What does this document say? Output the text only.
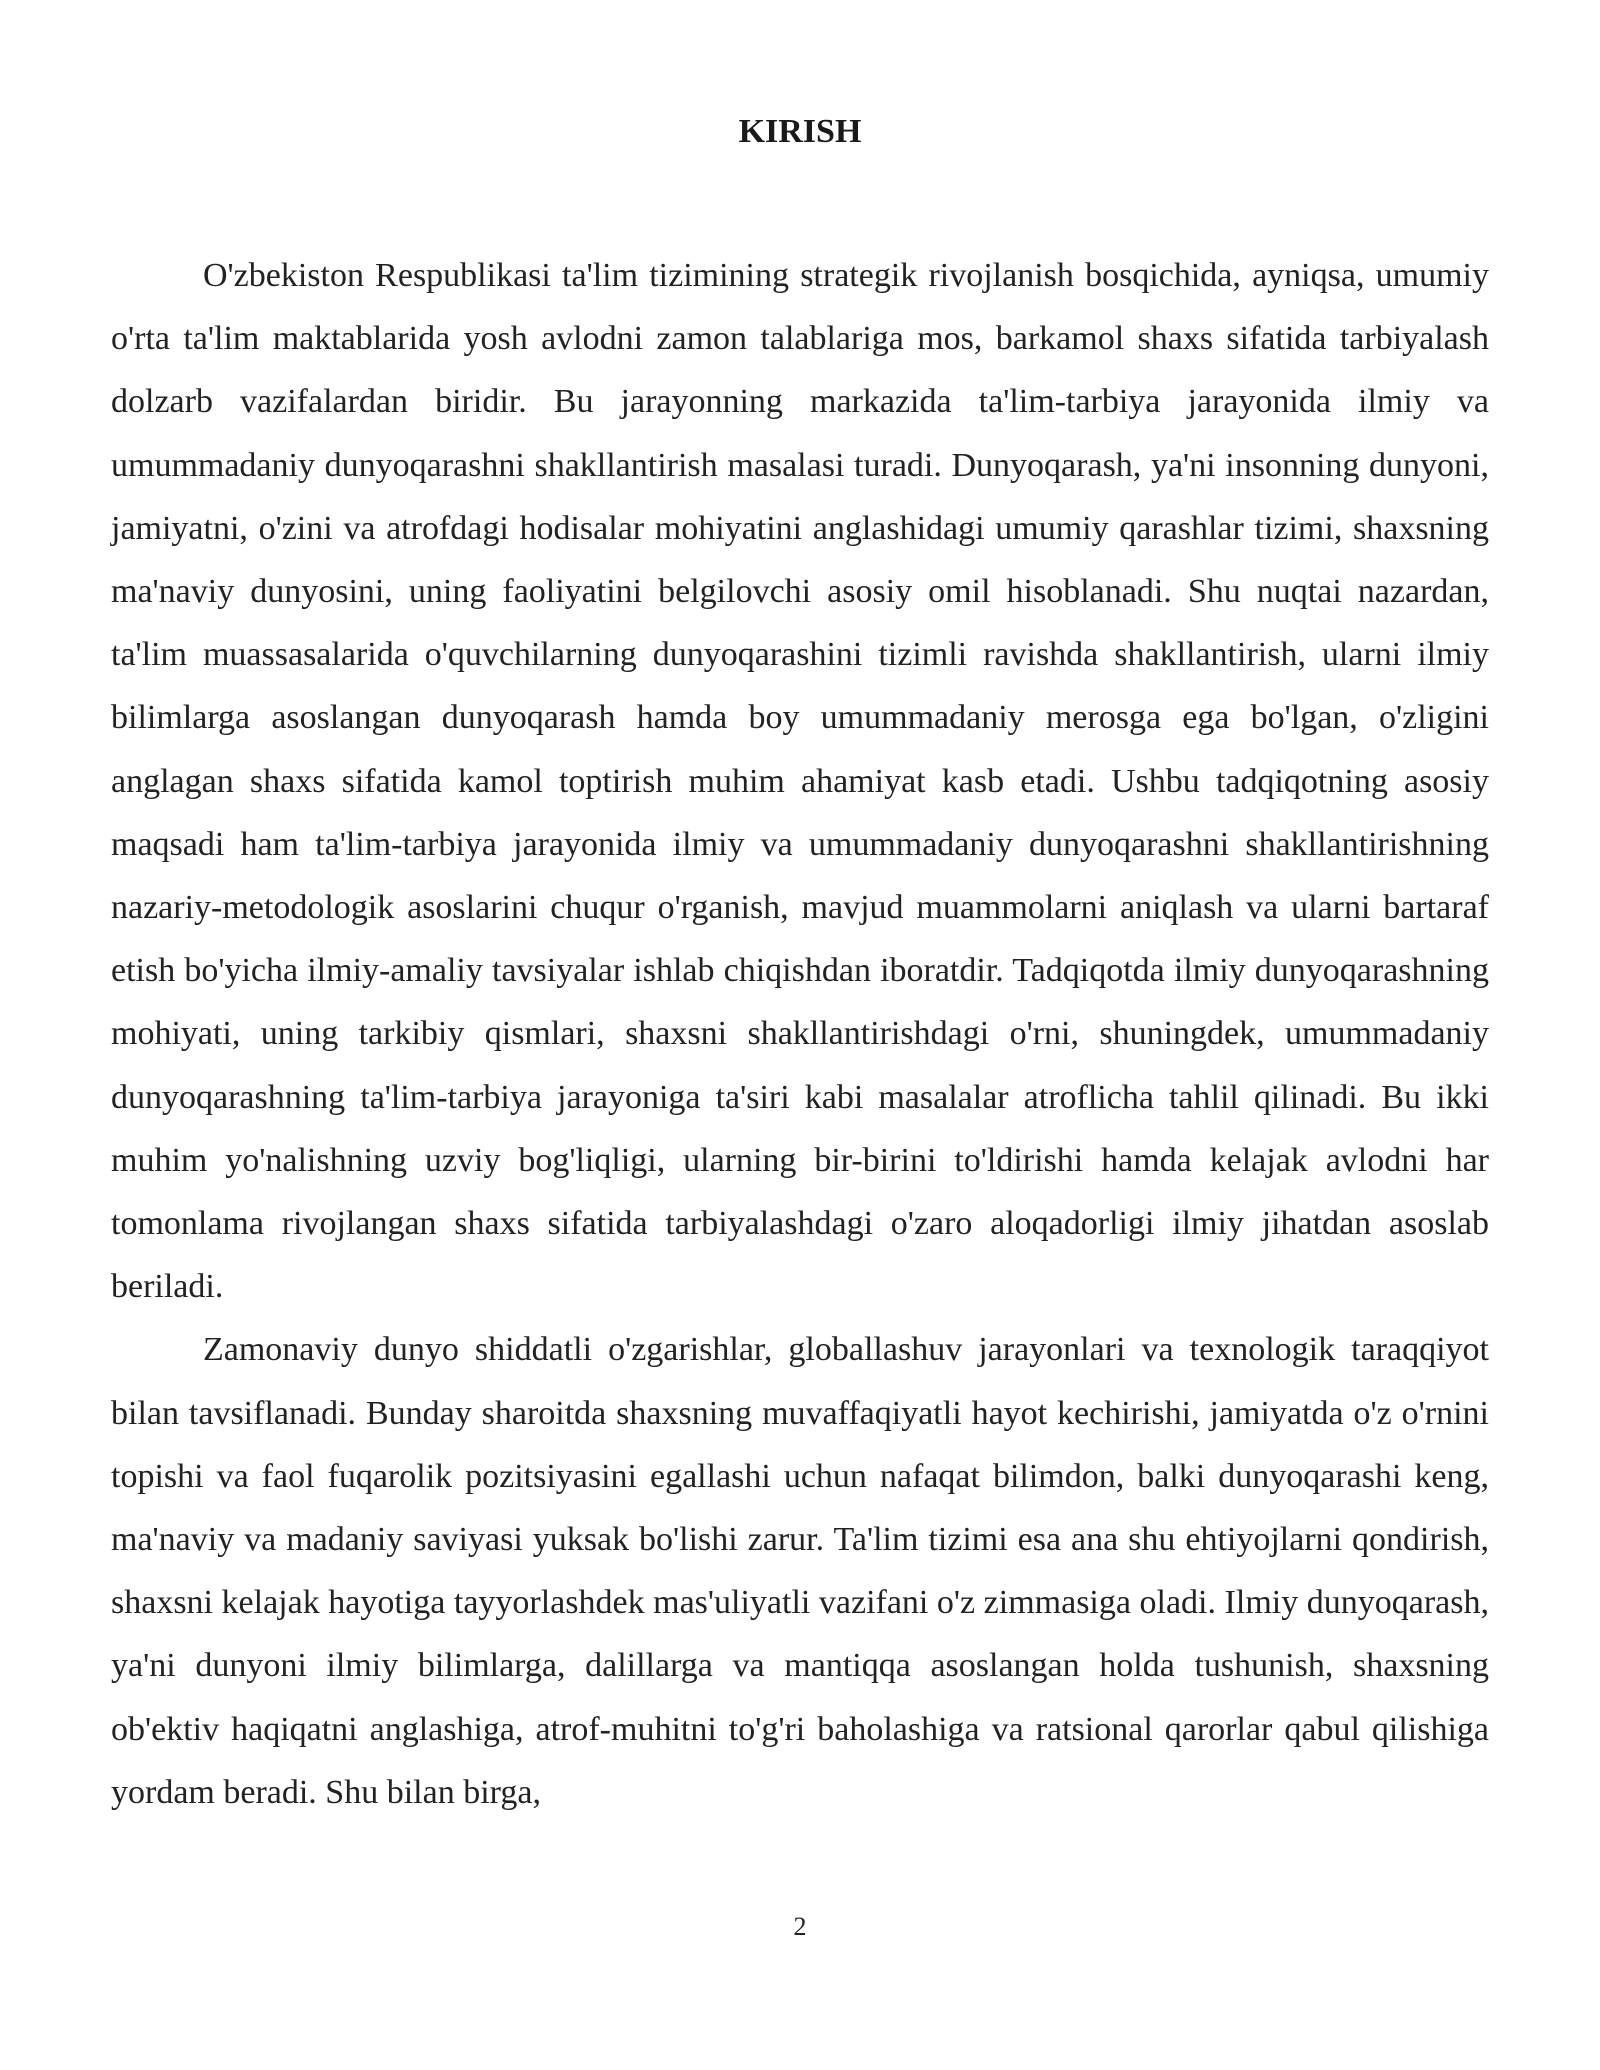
KIRISH

O'zbekiston Respublikasi ta'lim tizimining strategik rivojlanish bosqichida, ayniqsa, umumiy o'rta ta'lim maktablarida yosh avlodni zamon talablariga mos, barkamol shaxs sifatida tarbiyalash dolzarb vazifalardan biridir. Bu jarayonning markazida ta'lim-tarbiya jarayonida ilmiy va umummadaniy dunyoqarashni shakllantirish masalasi turadi. Dunyoqarash, ya'ni insonning dunyoni, jamiyatni, o'zini va atrofdagi hodisalar mohiyatini anglashidagi umumiy qarashlar tizimi, shaxsning ma'naviy dunyosini, uning faoliyatini belgilovchi asosiy omil hisoblanadi. Shu nuqtai nazardan, ta'lim muassasalarida o'quvchilarning dunyoqarashini tizimli ravishda shakllantirish, ularni ilmiy bilimlarga asoslangan dunyoqarash hamda boy umummadaniy merosga ega bo'lgan, o'zligini anglagan shaxs sifatida kamol toptirish muhim ahamiyat kasb etadi. Ushbu tadqiqotning asosiy maqsadi ham ta'lim-tarbiya jarayonida ilmiy va umummadaniy dunyoqarashni shakllantirishning nazariy-metodologik asoslarini chuqur o'rganish, mavjud muammolarni aniqlash va ularni bartaraf etish bo'yicha ilmiy-amaliy tavsiyalar ishlab chiqishdan iboratdir. Tadqiqotda ilmiy dunyoqarashning mohiyati, uning tarkibiy qismlari, shaxsni shakllantirishdagi o'rni, shuningdek, umummadaniy dunyoqarashning ta'lim-tarbiya jarayoniga ta'siri kabi masalalar atroflicha tahlil qilinadi. Bu ikki muhim yo'nalishning uzviy bog'liqligi, ularning bir-birini to'ldirishi hamda kelajak avlodni har tomonlama rivojlangan shaxs sifatida tarbiyalashdagi o'zaro aloqadorligi ilmiy jihatdan asoslab beriladi.

Zamonaviy dunyo shiddatli o'zgarishlar, globallashuv jarayonlari va texnologik taraqqiyot bilan tavsiflanadi. Bunday sharoitda shaxsning muvaffaqiyatli hayot kechirishi, jamiyatda o'z o'rnini topishi va faol fuqarolik pozitsiyasini egallashi uchun nafaqat bilimdon, balki dunyoqarashi keng, ma'naviy va madaniy saviyasi yuksak bo'lishi zarur. Ta'lim tizimi esa ana shu ehtiyojlarni qondirish, shaxsni kelajak hayotiga tayyorlashdek mas'uliyatli vazifani o'z zimmasiga oladi. Ilmiy dunyoqarash, ya'ni dunyoni ilmiy bilimlarga, dalillarga va mantiqqa asoslangan holda tushunish, shaxsning ob'ektiv haqiqatni anglashiga, atrof-muhitni to'g'ri baholashiga va ratsional qarorlar qabul qilishiga yordam beradi. Shu bilan birga,

2
